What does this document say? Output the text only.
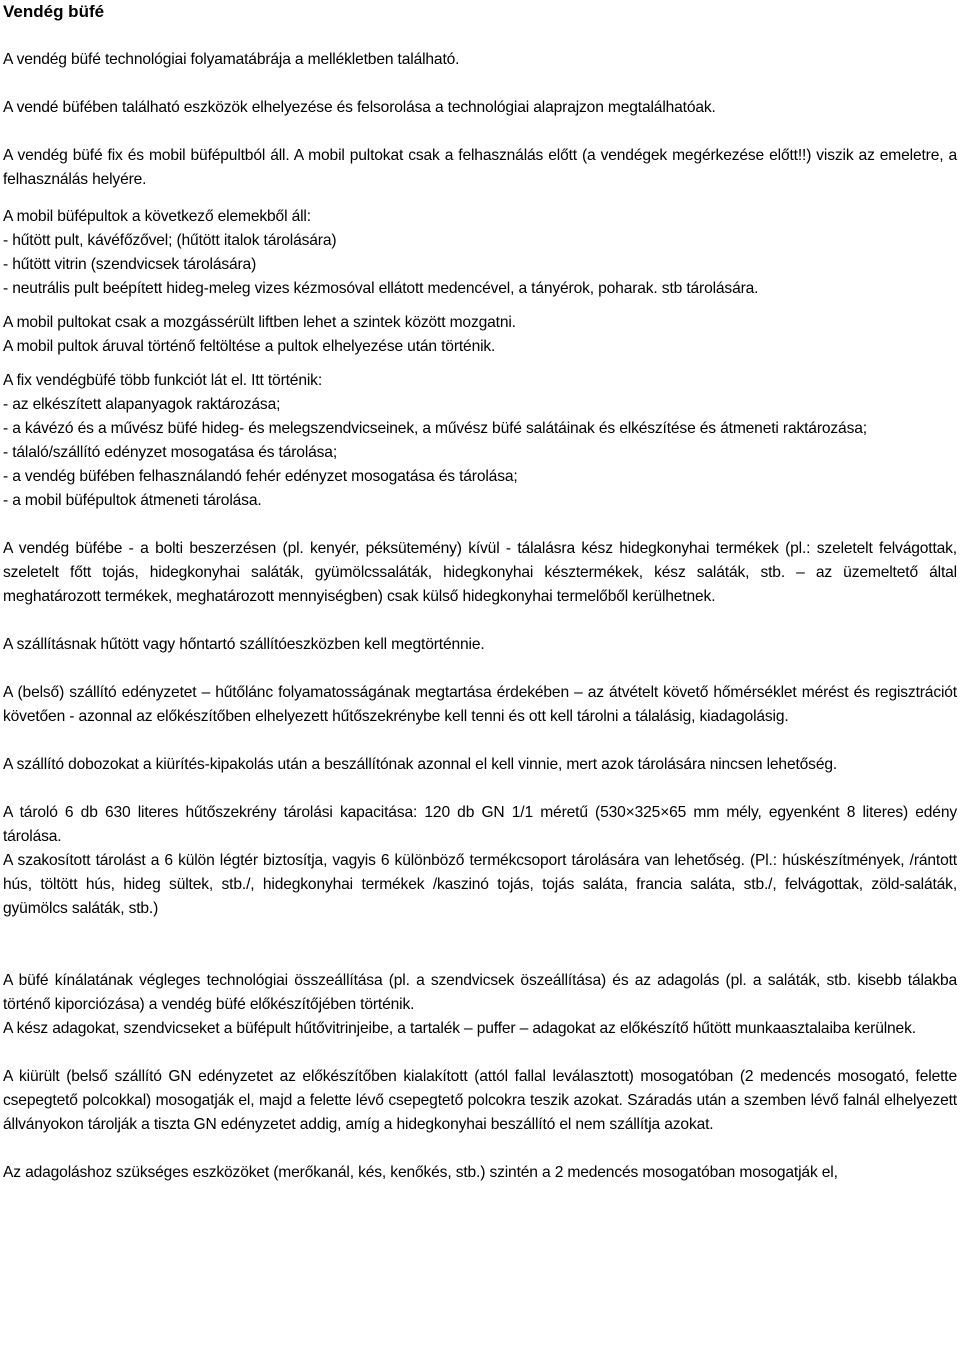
Vendég büfé

A vendég büfé technológiai folyamatábrája a mellékletben található.

A vendé büfében található eszközök elhelyezése és felsorolása a technológiai alaprajzon megtalálhatóak.

A vendég büfé fix és mobil büfépultból áll. A mobil pultokat csak a felhasználás előtt (a vendégek megérkezése előtt!!) viszik az emeletre, a felhasználás helyére.

A mobil büfépultok a következő elemekből áll:

- hűtött pult, kávéfőzővel; (hűtött italok tárolására)

- hűtött vitrin (szendvicsek tárolására)

- neutrális pult beépített hideg-meleg vizes kézmosóval ellátott medencével, a tányérok, poharak. stb tárolására.

A mobil pultokat csak a mozgássérült liftben lehet a szintek között mozgatni.

A mobil pultok áruval történő feltöltése a pultok elhelyezése után történik.

A fix vendégbüfé több funkciót lát el. Itt történik:

- az elkészített alapanyagok raktározása;

- a kávézó és a művész büfé hideg- és melegszendvicseinek, a művész büfé salátáinak és elkészítése és átmeneti raktározása;

- tálaló/szállító edényzet mosogatása és tárolása;

- a vendég büfében felhasználandó fehér edényzet mosogatása és tárolása;

- a mobil büfépultok átmeneti tárolása.

A vendég büfébe - a bolti beszerzésen (pl. kenyér, péksütemény) kívül - tálalásra kész hidegkonyhai termékek (pl.: szeletelt felvágottak, szeletelt főtt tojás, hidegkonyhai saláták, gyümölcssaláták, hidegkonyhai késztermékek, kész saláták, stb. – az üzemeltető által meghatározott termékek, meghatározott mennyiségben) csak külső hidegkonyhai termelőből kerülhetnek.

A szállításnak hűtött vagy hőntartó szállítóeszközben kell megtörténnie.

A (belső) szállító edényzetet – hűtőlánc folyamatosságának megtartása érdekében – az átvételt követő hőmérséklet mérést és regisztrációt követően - azonnal az előkészítőben elhelyezett hűtőszekrénybe kell tenni és ott kell tárolni a tálalásig, kiadagolásig.

A szállító dobozokat a kiürítés-kipakolás után a beszállítónak azonnal el kell vinnie, mert azok tárolására nincsen lehetőség.

A tároló 6 db 630 literes hűtőszekrény tárolási kapacitása: 120 db GN 1/1 méretű (530×325×65 mm mély, egyenként 8 literes) edény tárolása.

A szakosított tárolást a 6 külön légtér biztosítja, vagyis 6 különböző termékcsoport tárolására van lehetőség. (Pl.: húskészítmények, /rántott hús, töltött hús, hideg sültek, stb./, hidegkonyhai termékek /kaszinó tojás, tojás saláta, francia saláta, stb./, felvágottak, zöld-saláták, gyümölcs saláták, stb.)

A büfé kínálatának végleges technológiai összeállítása (pl. a szendvicsek öszeállítása) és az adagolás (pl. a saláták, stb. kisebb tálakba történő kiporciózása) a vendég büfé előkészítőjében történik.

A kész adagokat, szendvicseket a büfépult hűtővitrinjeibe, a tartalék – puffer – adagokat az előkészítő hűtött munkaasztalaiba kerülnek.

A kiürült (belső szállító GN edényzetet az előkészítőben kialakított (attól fallal leválasztott) mosogatóban (2 medencés mosogató, felette csepegtető polcokkal) mosogatják el, majd a felette lévő csepegtető polcokra teszik azokat. Száradás után a szemben lévő falnál elhelyezett állványokon tárolják a tiszta GN edényzetet addig, amíg a hidegkonyhai beszállító el nem szállítja azokat.

Az adagoláshoz szükséges eszközöket (merőkanál, kés, kenőkés, stb.) szintén a 2 medencés mosogatóban mosogatják el,
